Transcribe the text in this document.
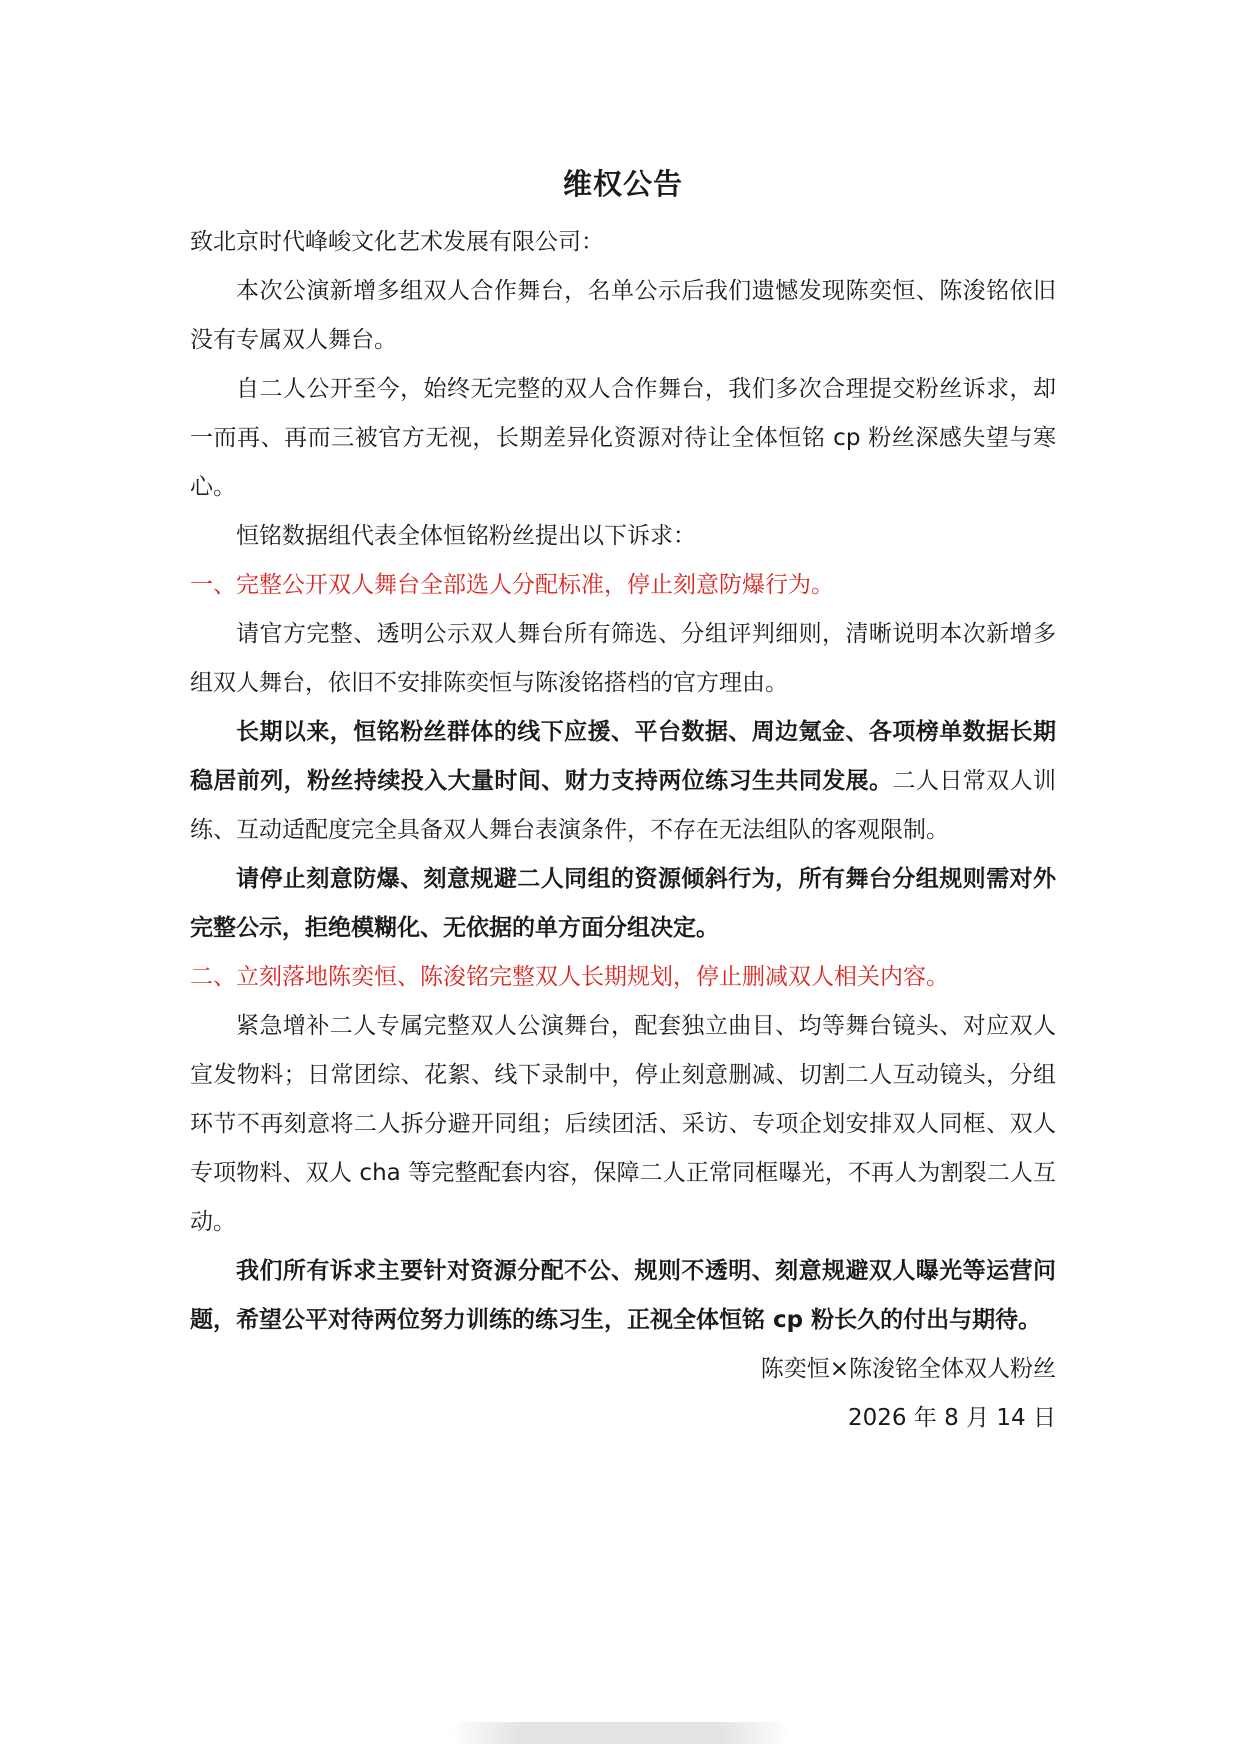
维权公告

致北京时代峰峻文化艺术发展有限公司：

本次公演新增多组双人合作舞台，名单公示后我们遗憾发现陈奕恒、陈浚铭依旧没有专属双人舞台。

自二人公开至今，始终无完整的双人合作舞台，我们多次合理提交粉丝诉求，却一而再、再而三被官方无视，长期差异化资源对待让全体恒铭 cp 粉丝深感失望与寒心。

恒铭数据组代表全体恒铭粉丝提出以下诉求：

一、完整公开双人舞台全部选人分配标准，停止刻意防爆行为。

请官方完整、透明公示双人舞台所有筛选、分组评判细则，清晰说明本次新增多组双人舞台，依旧不安排陈奕恒与陈浚铭搭档的官方理由。

长期以来，恒铭粉丝群体的线下应援、平台数据、周边氪金、各项榜单数据长期稳居前列，粉丝持续投入大量时间、财力支持两位练习生共同发展。二人日常双人训练、互动适配度完全具备双人舞台表演条件，不存在无法组队的客观限制。

请停止刻意防爆、刻意规避二人同组的资源倾斜行为，所有舞台分组规则需对外完整公示，拒绝模糊化、无依据的单方面分组决定。

二、立刻落地陈奕恒、陈浚铭完整双人长期规划，停止删减双人相关内容。

紧急增补二人专属完整双人公演舞台，配套独立曲目、均等舞台镜头、对应双人宣发物料；日常团综、花絮、线下录制中，停止刻意删减、切割二人互动镜头，分组环节不再刻意将二人拆分避开同组；后续团活、采访、专项企划安排双人同框、双人专项物料、双人 cha 等完整配套内容，保障二人正常同框曝光，不再人为割裂二人互动。

我们所有诉求主要针对资源分配不公、规则不透明、刻意规避双人曝光等运营问题，希望公平对待两位努力训练的练习生，正视全体恒铭 cp 粉长久的付出与期待。

陈奕恒×陈浚铭全体双人粉丝

2026 年 8 月 14 日
